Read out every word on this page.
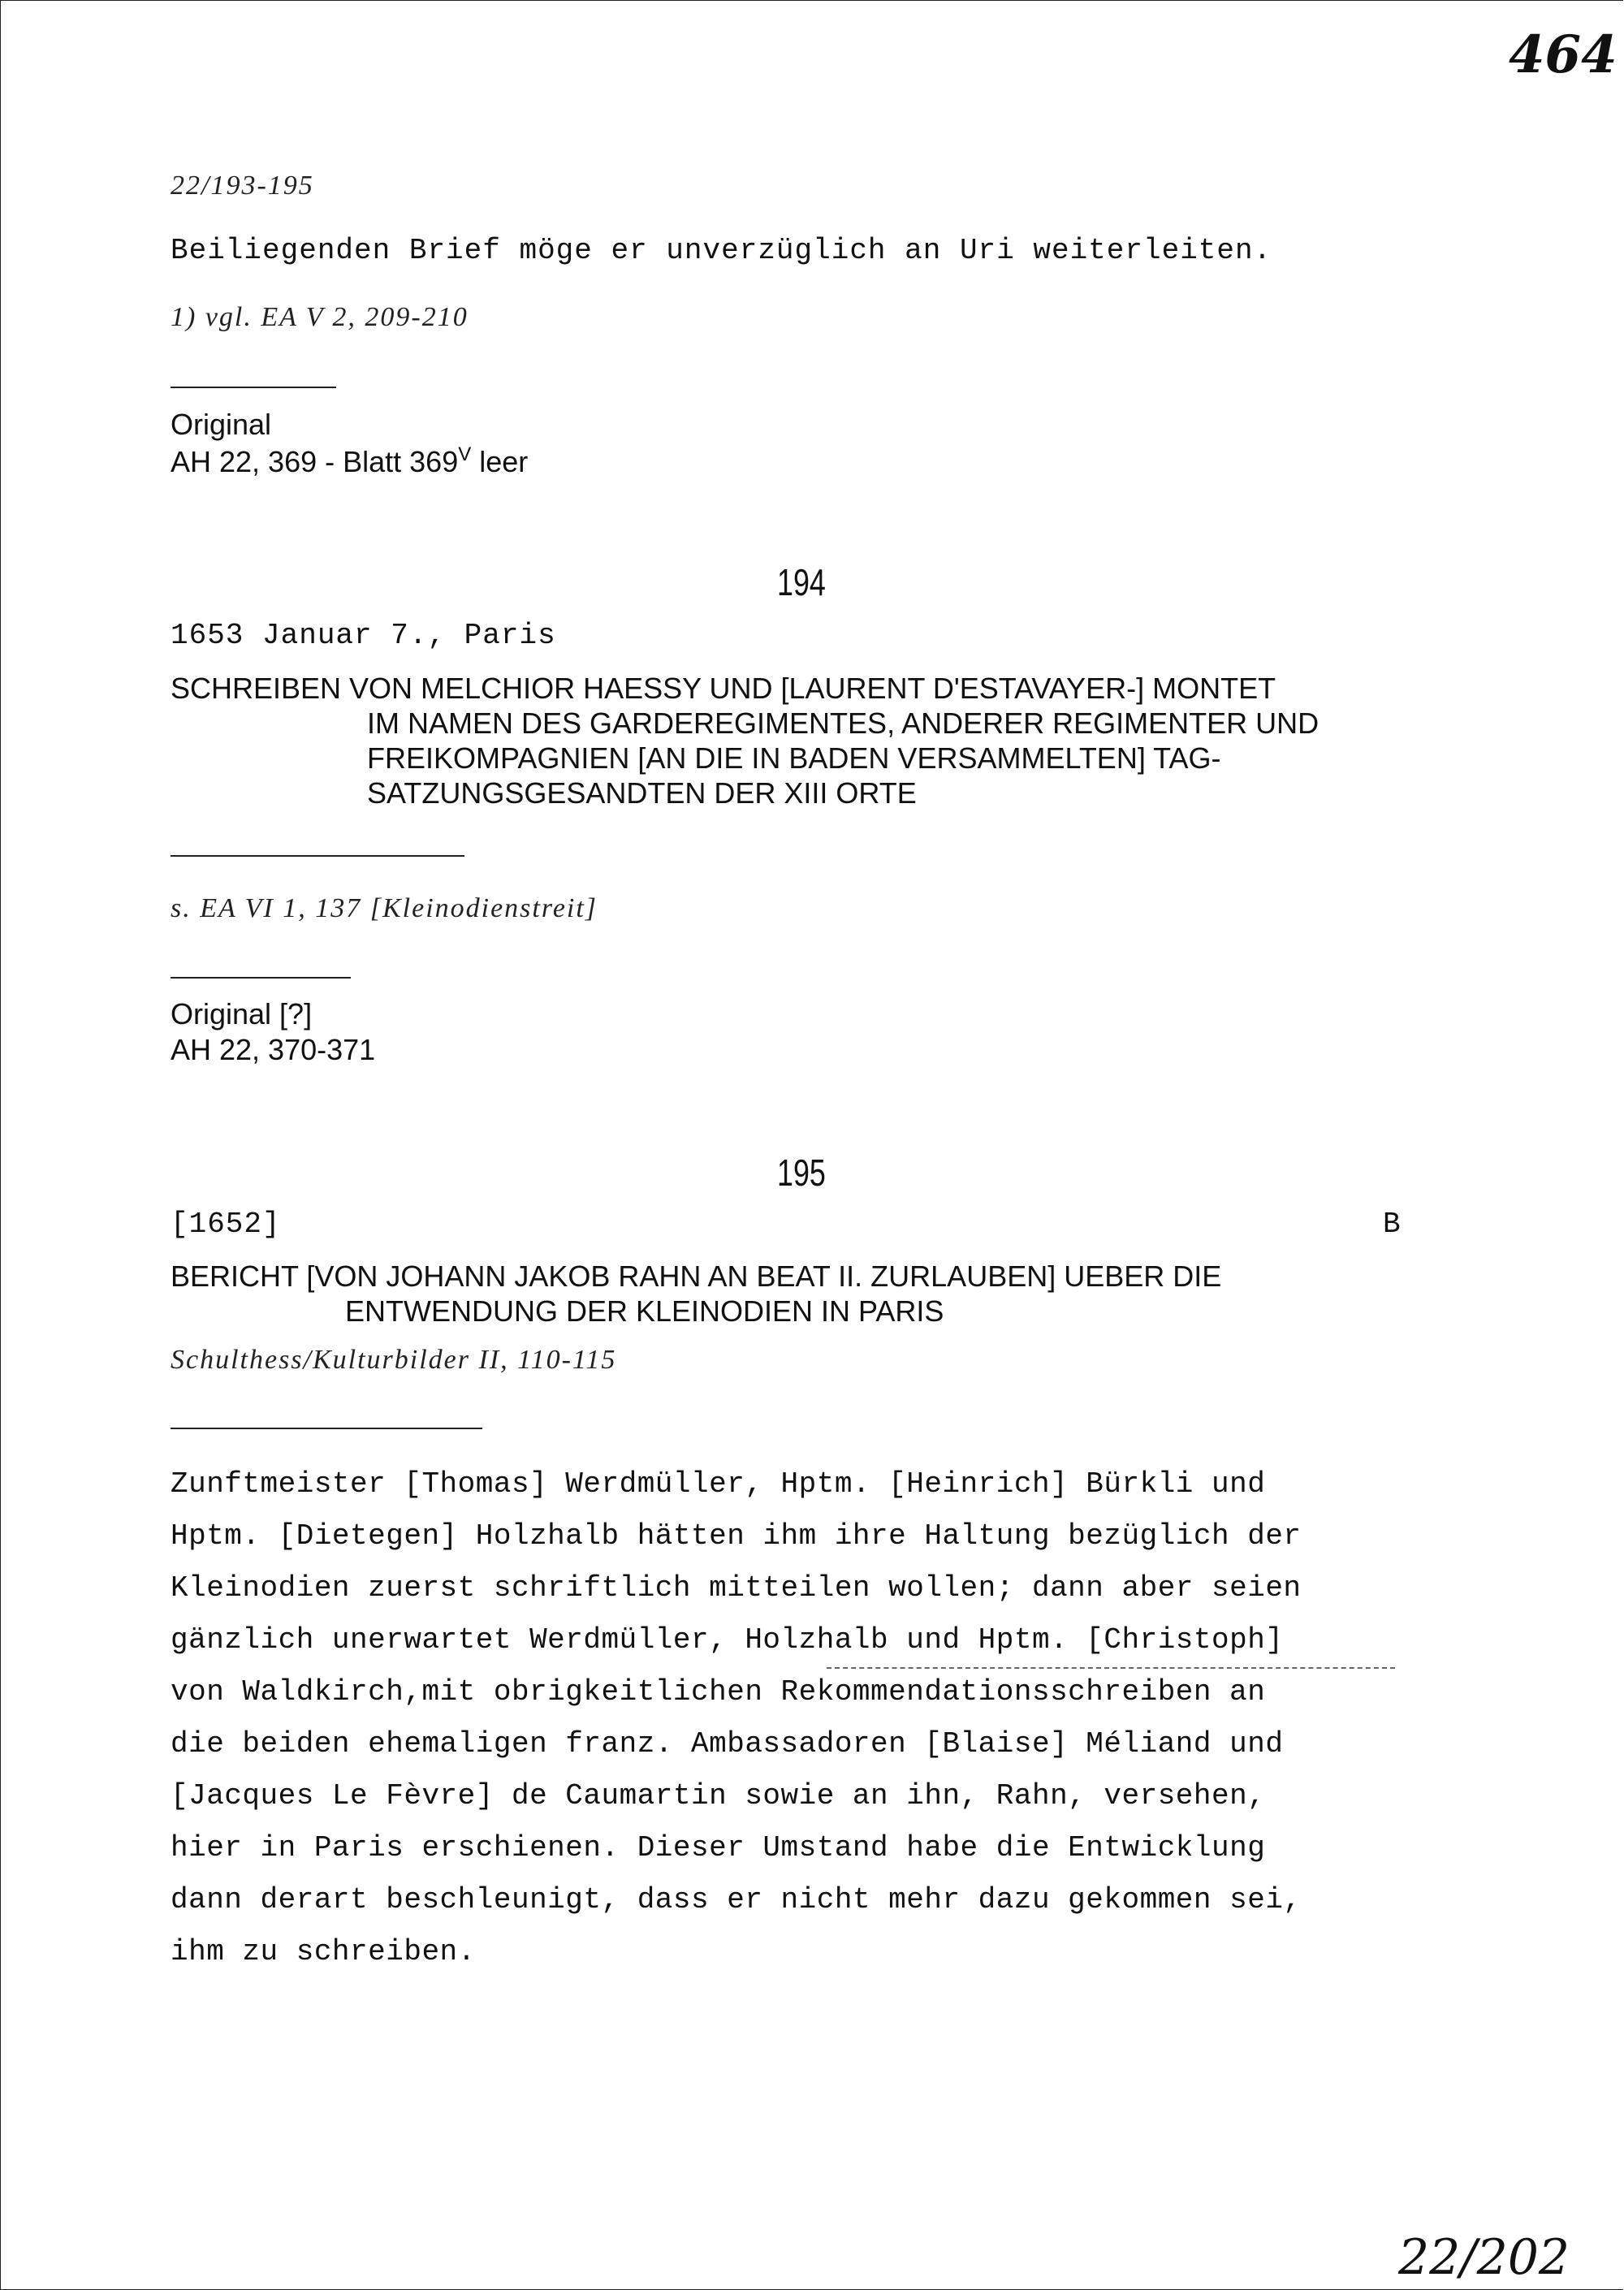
464
22/193-195
Beiliegenden Brief möge er unverzüglich an Uri weiterleiten.
1) vgl. EA V 2, 209-210
Original
AH 22, 369 - Blatt $369^V$ leer
194
1653 Januar 7., Paris
SCHREIBEN VON MELCHIOR HAESSY UND [LAURENT D'ESTAVAYER-] MONTET
IM NAMEN DES GARDEREGIMENTES, ANDERER REGIMENTER UND
FREIKOMPAGNIEN [AN DIE IN BADEN VERSAMMELTEN] TAG-
SATZUNGSGESANDTEN DER XIII ORTE
s. EA VI 1, 137 [Kleinodienstreit]
Original [?]
AH 22, 370-371
195
[1652]	B
BERICHT [VON JOHANN JAKOB RAHN AN BEAT II. ZURLAUBEN] UEBER DIE
ENTWENDUNG DER KLEINODIEN IN PARIS
Schulthess/Kulturbilder II, 110-115
Zunftmeister [Thomas] Werdmüller, Hptm. [Heinrich] Bürkli und
Hptm. [Dietegen] Holzhalb hätten ihm ihre Haltung bezüglich der
Kleinodien zuerst schriftlich mitteilen wollen; dann aber seien
gänzlich unerwartet Werdmüller, Holzhalb und Hptm. [Christoph]
von Waldkirch,mit obrigkeitlichen Rekommendationsschreiben an
die beiden ehemaligen franz. Ambassadoren [Blaise] Méliand und
[Jacques Le Fèvre] de Caumartin sowie an ihn, Rahn, versehen,
hier in Paris erschienen. Dieser Umstand habe die Entwicklung
dann derart beschleunigt, dass er nicht mehr dazu gekommen sei,
ihm zu schreiben.
22/202
